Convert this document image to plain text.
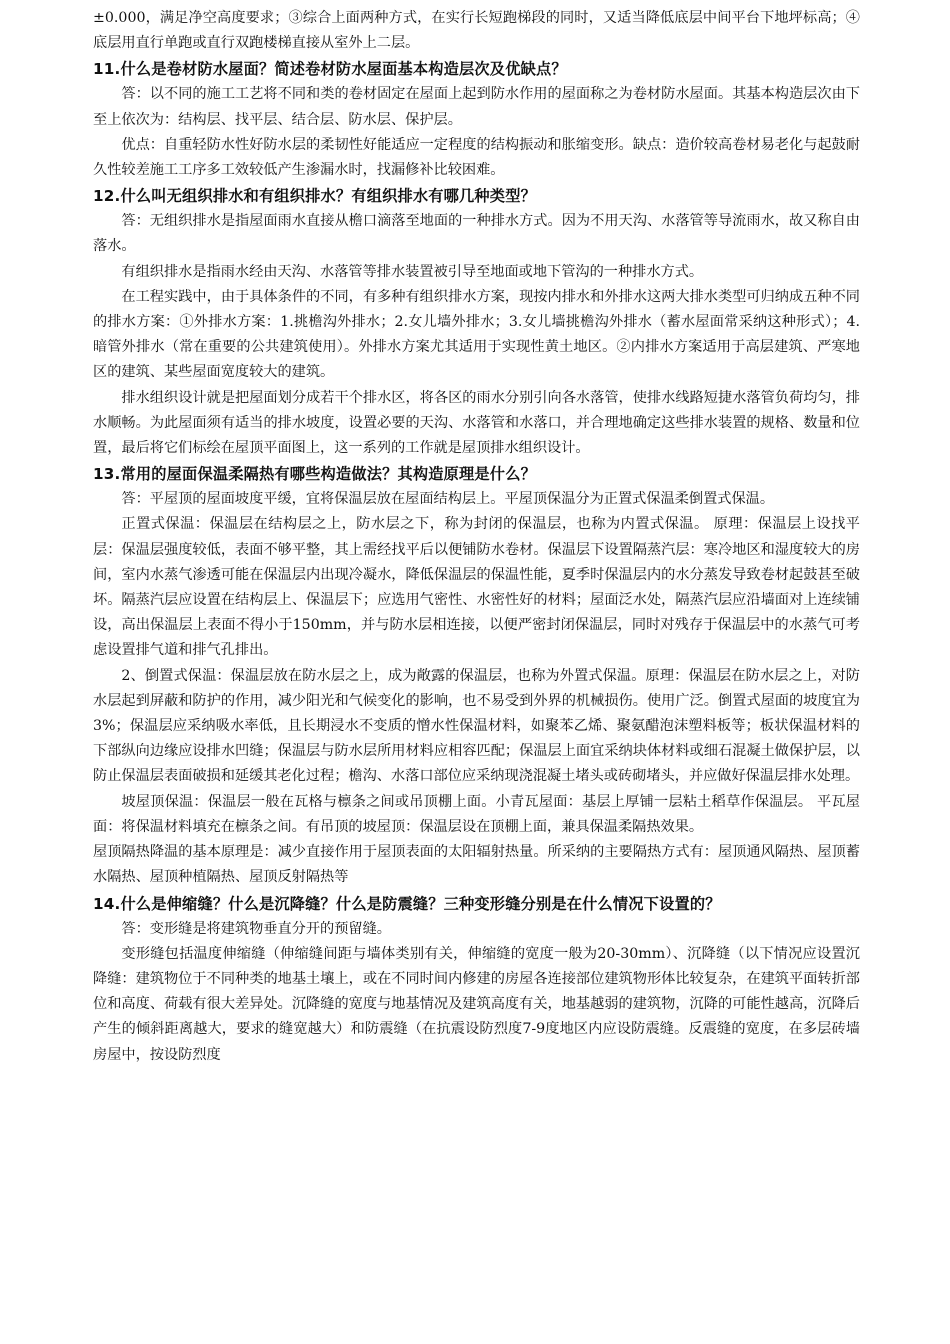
±0.000，满足净空高度要求；③综合上面两种方式，在实行长短跑梯段的同时，又适当降低底层中间平台下地坪标高；④底层用直行单跑或直行双跑楼梯直接从室外上二层。

11.什么是卷材防水屋面？简述卷材防水屋面基本构造层次及优缺点？

答：以不同的施工工艺将不同和类的卷材固定在屋面上起到防水作用的屋面称之为卷材防水屋面。其基本构造层次由下至上依次为：结构层、找平层、结合层、防水层、保护层。

优点：自重轻防水性好防水层的柔韧性好能适应一定程度的结构振动和胀缩变形。缺点：造价较高卷材易老化与起鼓耐久性较差施工工序多工效较低产生渗漏水时，找漏修补比较困难。

12.什么叫无组织排水和有组织排水？有组织排水有哪几种类型？

答：无组织排水是指屋面雨水直接从檐口滴落至地面的一种排水方式。因为不用天沟、水落管等导流雨水，故又称自由落水。

有组织排水是指雨水经由天沟、水落管等排水装置被引导至地面或地下管沟的一种排水方式。

在工程实践中，由于具体条件的不同，有多种有组织排水方案，现按内排水和外排水这两大排水类型可归纳成五种不同的排水方案：①外排水方案：1.挑檐沟外排水；2.女儿墙外排水；3.女儿墙挑檐沟外排水（蓄水屋面常采纳这种形式）；4.暗管外排水（常在重要的公共建筑使用）。外排水方案尤其适用于实现性黄土地区。②内排水方案适用于高层建筑、严寒地区的建筑、某些屋面宽度较大的建筑。

排水组织设计就是把屋面划分成若干个排水区，将各区的雨水分别引向各水落管，使排水线路短捷水落管负荷均匀，排水顺畅。为此屋面须有适当的排水坡度，设置必要的天沟、水落管和水落口，并合理地确定这些排水装置的规格、数量和位置，最后将它们标绘在屋顶平面图上，这一系列的工作就是屋顶排水组织设计。

13.常用的屋面保温柔隔热有哪些构造做法？其构造原理是什么？

答：平屋顶的屋面坡度平缓，宜将保温层放在屋面结构层上。平屋顶保温分为正置式保温柔倒置式保温。

正置式保温：保温层在结构层之上，防水层之下，称为封闭的保温层，也称为内置式保温。 原理：保温层上设找平层：保温层强度较低，表面不够平整，其上需经找平后以便铺防水卷材。保温层下设置隔蒸汽层：寒冷地区和湿度较大的房间，室内水蒸气渗透可能在保温层内出现冷凝水，降低保温层的保温性能，夏季时保温层内的水分蒸发导致卷材起鼓甚至破坏。隔蒸汽层应设置在结构层上、保温层下；应选用气密性、水密性好的材料；屋面泛水处，隔蒸汽层应沿墙面对上连续铺设，高出保温层上表面不得小于150mm，并与防水层相连接，以便严密封闭保温层，同时对残存于保温层中的水蒸气可考虑设置排气道和排气孔排出。

2、倒置式保温：保温层放在防水层之上，成为敞露的保温层，也称为外置式保温。原理：保温层在防水层之上，对防水层起到屏蔽和防护的作用，减少阳光和气候变化的影响，也不易受到外界的机械损伤。使用广泛。倒置式屋面的坡度宜为3%；保温层应采纳吸水率低，且长期浸水不变质的憎水性保温材料，如聚苯乙烯、聚氨醋泡沫塑料板等；板状保温材料的下部纵向边缘应设排水凹缝；保温层与防水层所用材料应相容匹配；保温层上面宜采纳块体材料或细石混凝土做保护层，以防止保温层表面破损和延缓其老化过程；檐沟、水落口部位应采纳现浇混凝土堵头或砖砌堵头，并应做好保温层排水处理。

坡屋顶保温：保温层一般在瓦格与檩条之间或吊顶棚上面。小青瓦屋面：基层上厚铺一层粘土稻草作保温层。 平瓦屋面：将保温材料填充在檩条之间。有吊顶的坡屋顶：保温层设在顶棚上面，兼具保温柔隔热效果。

屋顶隔热降温的基本原理是：减少直接作用于屋顶表面的太阳辐射热量。所采纳的主要隔热方式有：屋顶通风隔热、屋顶蓄水隔热、屋顶种植隔热、屋顶反射隔热等

14.什么是伸缩缝？什么是沉降缝？什么是防震缝？三种变形缝分别是在什么情况下设置的？

答：变形缝是将建筑物垂直分开的预留缝。

变形缝包括温度伸缩缝（伸缩缝间距与墙体类别有关，伸缩缝的宽度一般为20-30mm）、沉降缝（以下情况应设置沉降缝：建筑物位于不同种类的地基土壤上，或在不同时间内修建的房屋各连接部位建筑物形体比较复杂，在建筑平面转折部位和高度、荷载有很大差异处。沉降缝的宽度与地基情况及建筑高度有关，地基越弱的建筑物，沉降的可能性越高，沉降后产生的倾斜距离越大，要求的缝宽越大）和防震缝（在抗震设防烈度7-9度地区内应设防震缝。反震缝的宽度，在多层砖墙房屋中，按设防烈度
